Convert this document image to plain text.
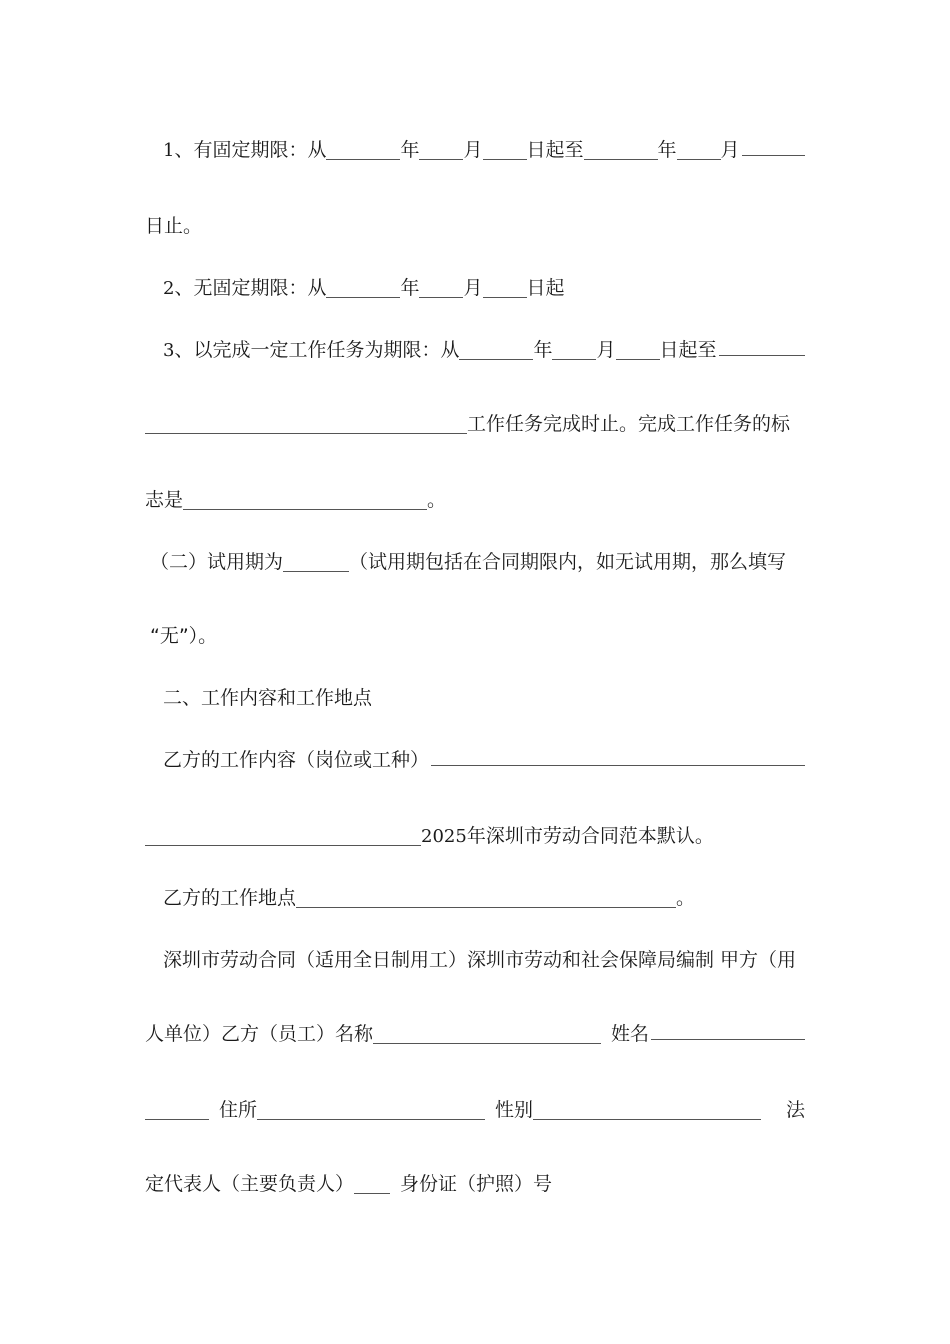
1、有固定期限：从	年 月 日起至	年 月
日止。
2、无固定期限：从	年 月 日起
3、以完成一定工作任务为期限：从	年 月 日起至
工作任务完成时止。完成工作任务的标
志是	。
（二）试用期为	（试用期包括在合同期限内，如无试用期，那么填写
“无”）。
二、工作内容和工作地点
乙方的工作内容（岗位或工种）
2025年深圳市劳动合同范本默认。
乙方的工作地点	。
深圳市劳动合同（适用全日制用工）深圳市劳动和社会保障局编制 甲方（用
人单位）乙方（员工）名称	姓名
住所	性别	法
定代表人（主要负责人） 身份证（护照）号
